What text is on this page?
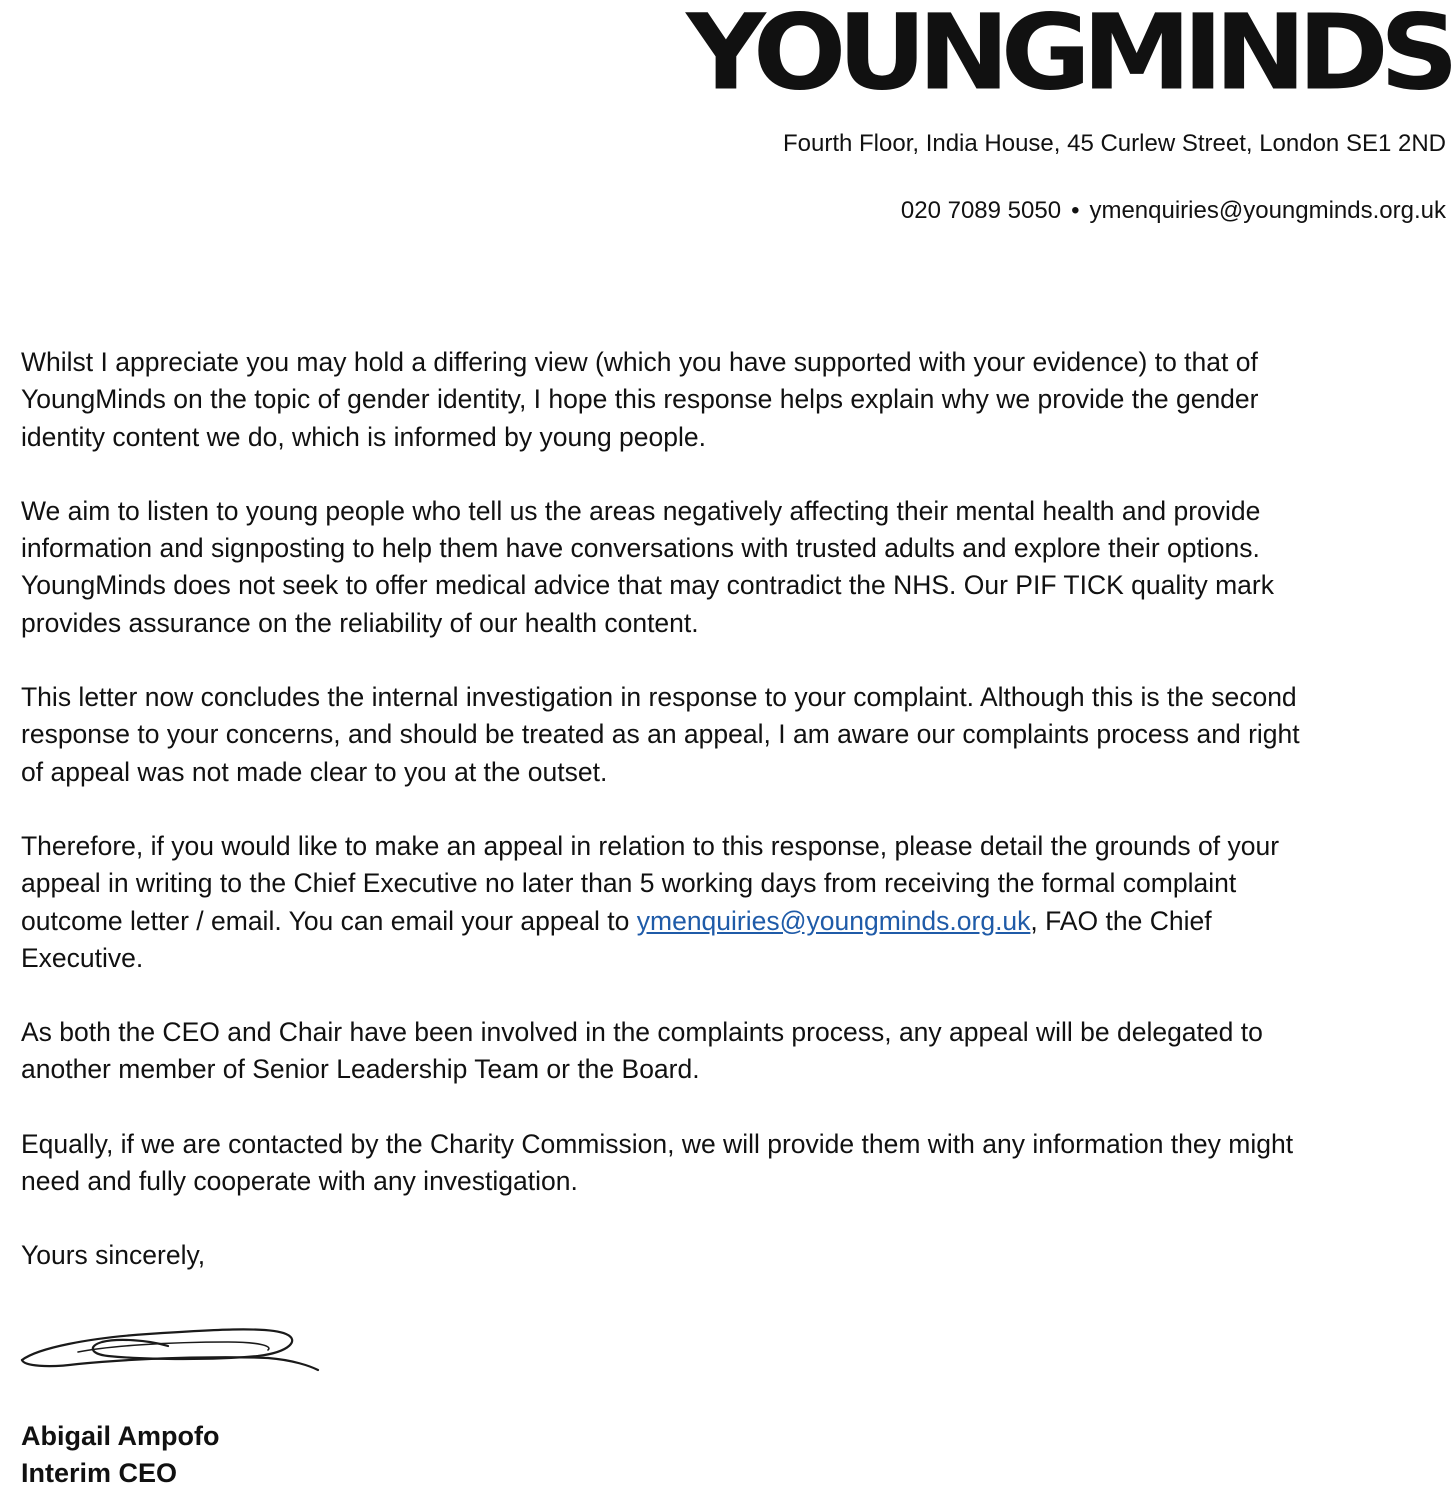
YOUNGMINDS
Fourth Floor, India House, 45 Curlew Street, London SE1 2ND
020 7089 5050 • ymenquiries@youngminds.org.uk

Whilst I appreciate you may hold a differing view (which you have supported with your evidence) to that of YoungMinds on the topic of gender identity, I hope this response helps explain why we provide the gender identity content we do, which is informed by young people.

We aim to listen to young people who tell us the areas negatively affecting their mental health and provide information and signposting to help them have conversations with trusted adults and explore their options. YoungMinds does not seek to offer medical advice that may contradict the NHS. Our PIF TICK quality mark provides assurance on the reliability of our health content.

This letter now concludes the internal investigation in response to your complaint. Although this is the second response to your concerns, and should be treated as an appeal, I am aware our complaints process and right of appeal was not made clear to you at the outset.

Therefore, if you would like to make an appeal in relation to this response, please detail the grounds of your appeal in writing to the Chief Executive no later than 5 working days from receiving the formal complaint outcome letter / email. You can email your appeal to ymenquiries@youngminds.org.uk, FAO the Chief Executive.

As both the CEO and Chair have been involved in the complaints process, any appeal will be delegated to another member of Senior Leadership Team or the Board.

Equally, if we are contacted by the Charity Commission, we will provide them with any information they might need and fully cooperate with any investigation.

Yours sincerely,

Abigail Ampofo
Interim CEO
